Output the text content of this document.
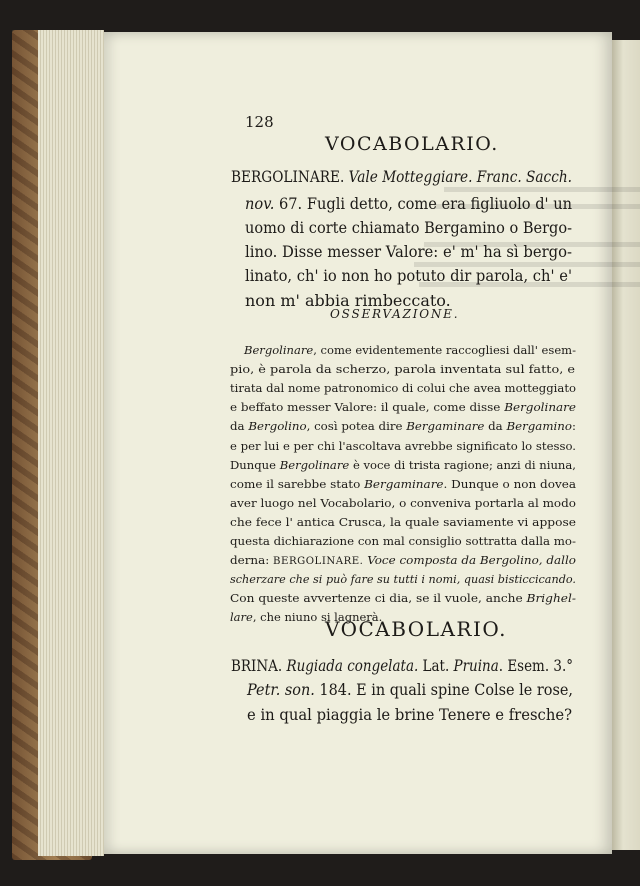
128
VOCABOLARIO.
BERGOLINARE. Vale Motteggiare. Franc. Sacch.
nov. 67. Fugli detto, come era figliuolo d' un
uomo di corte chiamato Bergamino o Bergo-
lino. Disse messer Valore: e' m' ha sì bergo-
linato, ch' io non ho potuto dir parola, ch' e'
non m' abbia rimbeccato.
OSSERVAZIONE.
Bergolinare, come evidentemente raccogliesi dall' esem-
pio, è parola da scherzo, parola inventata sul fatto, e
tirata dal nome patronomico di colui che avea motteggiato
e beffato messer Valore: il quale, come disse Bergolinare
da Bergolino, così potea dire Bergaminare da Bergamino:
e per lui e per chi l'ascoltava avrebbe significato lo stesso.
Dunque Bergolinare è voce di trista ragione; anzi di niuna,
come il sarebbe stato Bergaminare. Dunque o non dovea
aver luogo nel Vocabolario, o conveniva portarla al modo
che fece l' antica Crusca, la quale saviamente vi appose
questa dichiarazione con mal consiglio sottratta dalla mo-
derna: BERGOLINARE. Voce composta da Bergolino, dallo
scherzare che si può fare su tutti i nomi, quasi bisticcicando.
Con queste avvertenze ci dia, se il vuole, anche Brighel-
lare, che niuno si lagnerà.
VOCABOLARIO.
BRINA. Rugiada congelata. Lat. Pruina. Esem. 3.°
Petr. son. 184. E in quali spine Colse le rose,
e in qual piaggia le brine Tenere e fresche?
